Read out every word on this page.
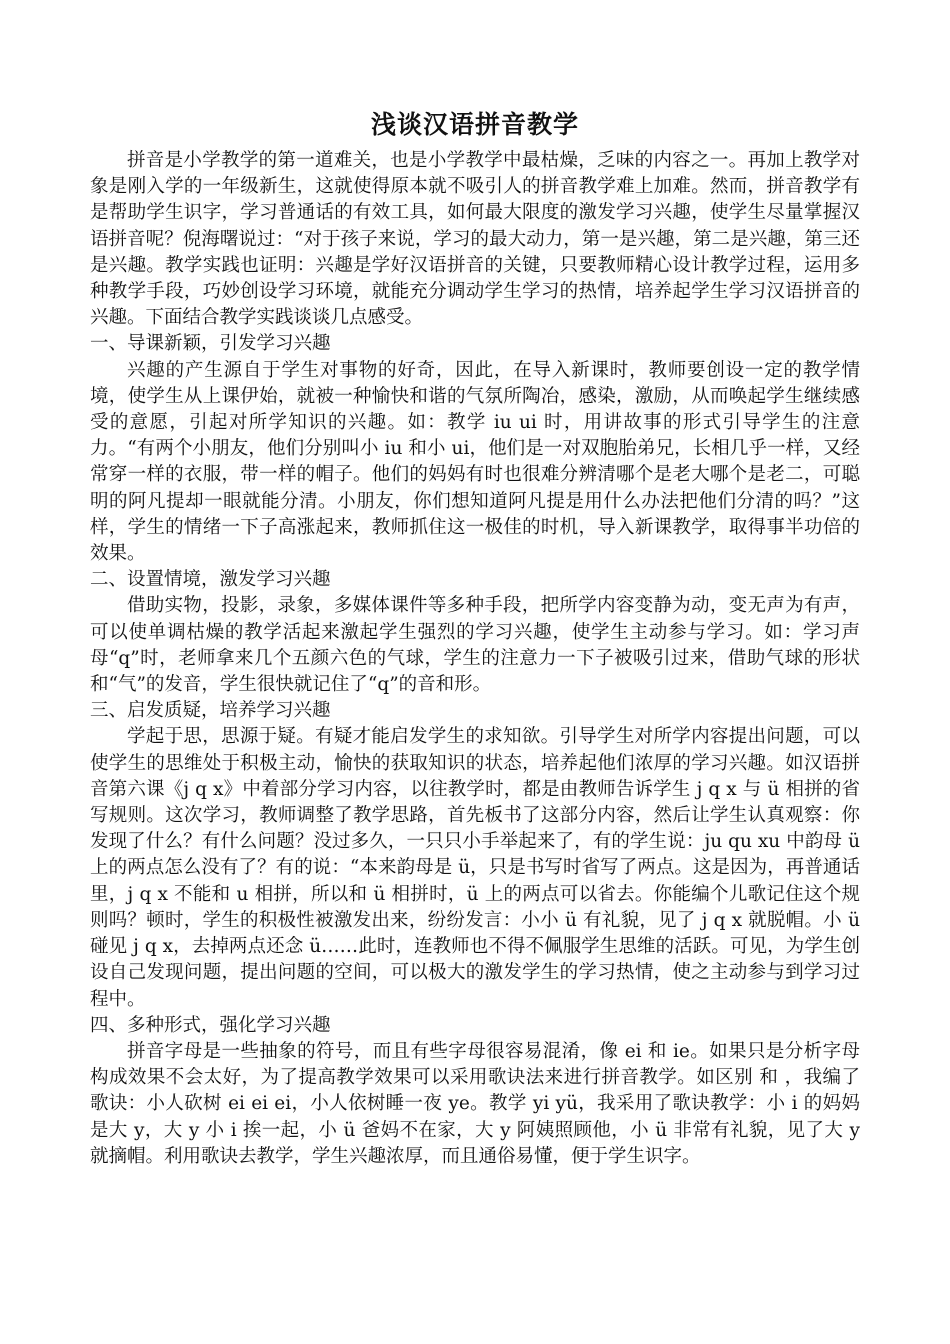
浅谈汉语拼音教学

拼音是小学教学的第一道难关，也是小学教学中最枯燥，乏味的内容之一。再加上教学对象是刚入学的一年级新生，这就使得原本就不吸引人的拼音教学难上加难。然而，拼音教学有是帮助学生识字，学习普通话的有效工具，如何最大限度的激发学习兴趣，使学生尽量掌握汉语拼音呢？倪海曙说过：“对于孩子来说，学习的最大动力，第一是兴趣，第二是兴趣，第三还是兴趣。教学实践也证明：兴趣是学好汉语拼音的关键，只要教师精心设计教学过程，运用多种教学手段，巧妙创设学习环境，就能充分调动学生学习的热情，培养起学生学习汉语拼音的兴趣。下面结合教学实践谈谈几点感受。

一、导课新颖，引发学习兴趣

兴趣的产生源自于学生对事物的好奇，因此，在导入新课时，教师要创设一定的教学情境，使学生从上课伊始，就被一种愉快和谐的气氛所陶冶，感染，激励，从而唤起学生继续感受的意愿，引起对所学知识的兴趣。如：教学 iu ui 时，用讲故事的形式引导学生的注意力。“有两个小朋友，他们分别叫小 iu 和小 ui，他们是一对双胞胎弟兄，长相几乎一样，又经常穿一样的衣服，带一样的帽子。他们的妈妈有时也很难分辨清哪个是老大哪个是老二，可聪明的阿凡提却一眼就能分清。小朋友，你们想知道阿凡提是用什么办法把他们分清的吗？”这样，学生的情绪一下子高涨起来，教师抓住这一极佳的时机，导入新课教学，取得事半功倍的效果。

二、设置情境，激发学习兴趣

借助实物，投影，录象，多媒体课件等多种手段，把所学内容变静为动，变无声为有声，可以使单调枯燥的教学活起来激起学生强烈的学习兴趣，使学生主动参与学习。如：学习声母“q”时，老师拿来几个五颜六色的气球，学生的注意力一下子被吸引过来，借助气球的形状和“气”的发音，学生很快就记住了“q”的音和形。

三、启发质疑，培养学习兴趣

学起于思，思源于疑。有疑才能启发学生的求知欲。引导学生对所学内容提出问题，可以使学生的思维处于积极主动，愉快的获取知识的状态，培养起他们浓厚的学习兴趣。如汉语拼音第六课《j q x》中着部分学习内容，以往教学时，都是由教师告诉学生 j q x 与 ü 相拼的省写规则。这次学习，教师调整了教学思路，首先板书了这部分内容，然后让学生认真观察：你发现了什么？有什么问题？没过多久，一只只小手举起来了，有的学生说：ju qu xu 中韵母 ü 上的两点怎么没有了？有的说：“本来韵母是 ü，只是书写时省写了两点。这是因为，再普通话里，j q x 不能和 u 相拼，所以和 ü 相拼时，ü 上的两点可以省去。你能编个儿歌记住这个规则吗？顿时，学生的积极性被激发出来，纷纷发言：小小 ü 有礼貌，见了 j q x 就脱帽。小 ü 碰见 j q x，去掉两点还念 ü……此时，连教师也不得不佩服学生思维的活跃。可见，为学生创设自己发现问题，提出问题的空间，可以极大的激发学生的学习热情，使之主动参与到学习过程中。

四、多种形式，强化学习兴趣

拼音字母是一些抽象的符号，而且有些字母很容易混淆，像 ei 和 ie。如果只是分析字母构成效果不会太好，为了提高教学效果可以采用歌诀法来进行拼音教学。如区别 和 ，我编了歌诀：小人砍树 ei ei ei，小人依树睡一夜 ye。教学 yi yü，我采用了歌诀教学：小 i 的妈妈是大 y，大 y 小 i 挨一起，小 ü 爸妈不在家，大 y 阿姨照顾他，小 ü 非常有礼貌，见了大 y 就摘帽。利用歌诀去教学，学生兴趣浓厚，而且通俗易懂，便于学生识字。
